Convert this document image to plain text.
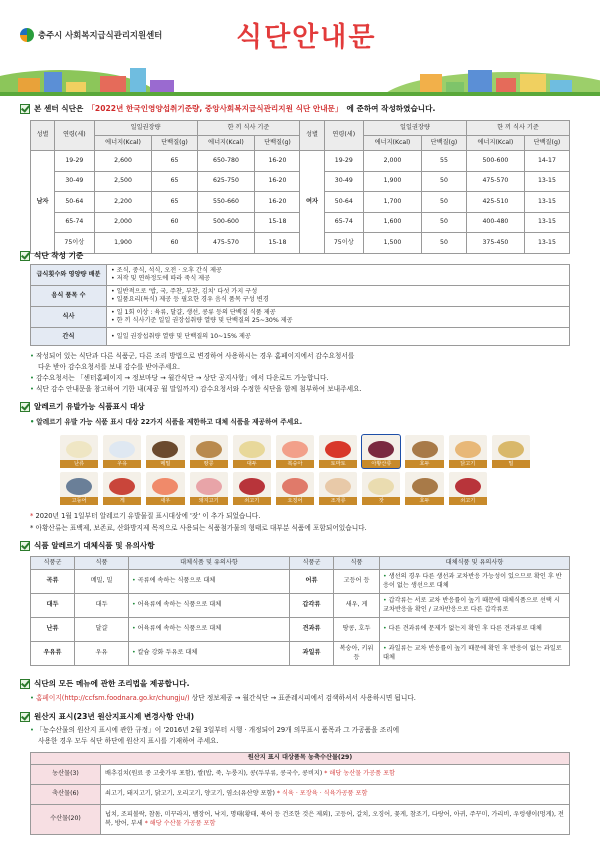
충주시 사회복지급식관리지원센터	식단안내문
본 센터 식단은 「2022년 한국인영양섭취기준량, 중앙사회복지급식관리지원 식단 안내문」 에 준하여 작성하였습니다.
성별	연령(세)	일일권장량		한 끼 식사 기준		성별	연령(세)	일일권장량		한 끼 식사 기준	
		에너지(Kcal)	단백질(g)	에너지(Kcal)	단백질(g)			에너지(Kcal)	단백질(g)	에너지(Kcal)	단백질(g)
남자	19-29	2,600	65	650-780	16-20	여자	19-29	2,000	55	500-600	14-17
	30-49	2,500	65	625-750	16-20		30-49	1,900	50	475-570	13-15
	50-64	2,200	65	550-660	16-20		50-64	1,700	50	425-510	13-15
	65-74	2,000	60	500-600	15-18		65-74	1,600	50	400-480	13-15
	75이상	1,900	60	475-570	15-18		75이상	1,500	50	375-450	13-15
식단 작성 기준
급식횟수와 영양량 배분	• 조식, 중식, 석식, 오전 · 오후 간식 제공
• 저작 및 연하정도에 따라 죽식 제공

음식 품목 수	• 일반적으로 '밥, 국, 주찬, 부찬, 김치' 다섯 가지 구성
• 일품요리(특식) 제공 등 필요한 경우 음식 품목 구성 변경

식사	• 일 1회 이상 : 육류, 달걀, 생선, 콩류 등의 단백질 식품 제공
• 한 끼 식사기준 일일 권장섭취량 열량 및 단백질의 25~30% 제공

간식	• 일일 권장섭취량 열량 및 단백질의 10~15% 제공
• 작성되어 있는 식단과 다른 식품군, 다른 조리 방법으로 변경하여 사용하시는 경우 홈페이지에서 감수요청서를
다운 받아 감수요청서를 보내 감수를 받아주세요.
• 감수요청서는 「센터홈페이지 → 정보마당 → 월간식단 → 상단 공지사항」에서 다운로드 가능합니다.
• 식단 감수 안내문을 참고하여 기한 내(제공 월 말일까지) 감수요청서와 수정한 식단을 함께 첨부하여 보내주세요.
알레르기 유발가능 식품표시 대상
• 알레르기 유발 가능 식품 표시 대상 22가지 식품을 제한하고 대체 식품을 제공하여 주세요.
난류	우유	메밀	땅콩	대두	복숭아	토마토	아황산류	호두	닭고기	밀
고등어	게	새우	돼지고기	쇠고기	오징어	조개류	잣	호두	쇠고기
* 2020년 1월 1일부터 알레르기 유발물질 표시대상에 '잣' 이 추가 되었습니다.
* 아황산류는 표백제, 보존료, 산화방지제 목적으로 사용되는 식품첨가물의 형태로 대부분 식품에 포함되어있습니다.
식품 알레르기 대체식품 및 유의사항
식품군	식품	대체식품 및 유의사항	식품군	식품	대체식품 및 유의사항
곡류	메밀, 밀	• 곡류에 속하는 식품으로 대체	어류	고등어 등	• 생선의 경우 다른 생선과 교차반응 가능성이 있으므로 확인 후 반응이 없는 생선으로 대체
대두	대두	• 어육류에 속하는 식품으로 대체	갑각류	새우, 게	• 갑각류는 서로 교차 반응률이 높기 때문에 대체식품으로 선택 시 교차반응을 확인 / 교차반응으로 다른 갑각류로
난류	달걀	• 어육류에 속하는 식품으로 대체	견과류	땅콩, 호두	• 다른 견과류에 문제가 없는지 확인 후 다른 견과류로 대체
우유류	우유	• 칼슘 강화 두유로 대체	과일류	복숭아, 키위 등	• 과일류는 교차 반응률이 높기 때문에 확인 후 반응이 없는 과일로 대체
식단의 모든 메뉴에 관한 조리법을 제공합니다.
• 홈페이지(http://ccfsm.foodnara.go.kr/chungju/) 상단 정보제공 → 월간식단 → 표준레시피에서 검색하셔서 사용하시면 됩니다.
원산지 표시(23년 원산지표시제 변경사항 안내)
• 「농수산물의 원산지 표시에 관한 규정」이 '2016년 2월 3일부터 시행 · 개정되어 29개 의무표시 품목과 그 가공품을 조리에
사용한 경우 모두 식단 하단에 원산지 표시를 기재하여 주세요.
원산지 표시 대상품목 농축수산물(29)	
농산물(3)	배추김치(원료 중 고춧가루 포함), 쌀(밥, 죽, 누룽지), 콩(두부류, 콩국수, 콩비지) * 해당 농산물 가공품 포함
축산물(6)	쇠고기, 돼지고기, 닭고기, 오리고기, 양고기, 염소(유산양 포함) * 식육 · 포장육 · 식육가공품 포함
수산물(20)	넙치, 조피볼락, 참돔, 미꾸라지, 뱀장어, 낙지, 명태(황태, 북어 등 건조한 것은 제외), 고등어, 갈치, 오징어, 꽃게, 참조기, 다랑어, 아귀, 주꾸미, 가리비, 우렁쉥이(멍게), 전복, 방어, 부세 * 해당 수산물 가공품 포함
